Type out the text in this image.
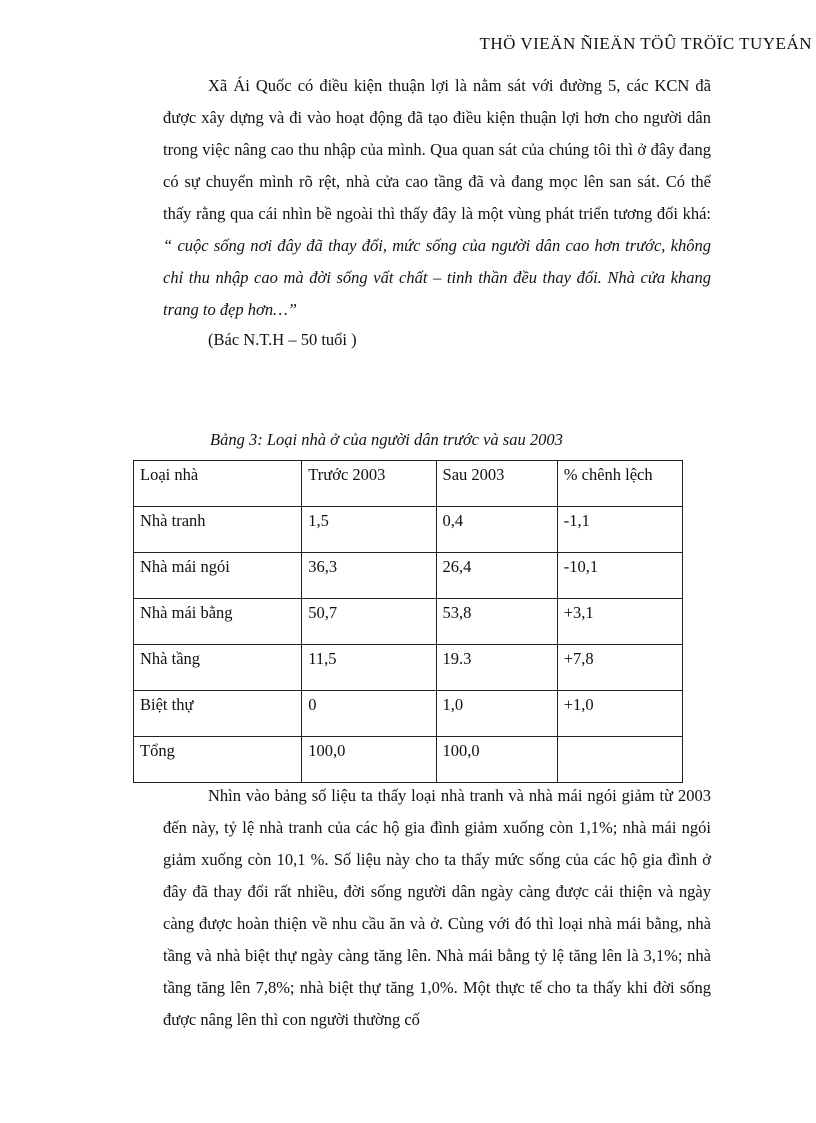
THÖ VIEÄN ÑIEÄN TÖÛ TRÖÏC TUYEÁN

Xã Ái Quốc có điều kiện thuận lợi là nằm sát với đường 5, các KCN đã được xây dựng và đi vào hoạt động đã tạo điều kiện thuận lợi hơn cho người dân trong việc nâng cao thu nhập của mình. Qua quan sát của chúng tôi thì ở đây đang có sự chuyển mình rõ rệt, nhà cửa cao tầng đã và đang mọc lên san sát. Có thể thấy rằng qua cái nhìn bề ngoài thì thấy đây là một vùng phát triển tương đối khá: “ cuộc sống nơi đây đã thay đổi, mức sống của người dân cao hơn trước, không chỉ thu nhập cao mà đời sống vất chất – tinh thần đều thay đổi. Nhà cửa khang trang to đẹp hơn…”

(Bác N.T.H – 50 tuổi )

Bảng 3: Loại nhà ở của người dân trước và sau 2003

Loại nhà	Trước 2003	Sau 2003	% chênh lệch
Nhà tranh	1,5	0,4	-1,1
Nhà mái ngói	36,3	26,4	-10,1
Nhà mái bằng	50,7	53,8	+3,1
Nhà tầng	11,5	19.3	+7,8
Biệt thự	0	1,0	+1,0
Tổng	100,0	100,0	

Nhìn vào bảng số liệu ta thấy loại nhà tranh và nhà mái ngói giảm từ 2003 đến này, tỷ lệ nhà tranh của các hộ gia đình giảm xuống còn 1,1%; nhà mái ngói giảm xuống còn 10,1 %. Số liệu này cho ta thấy mức sống của các hộ gia đình ở đây đã thay đổi rất nhiều, đời sống người dân ngày càng được cải thiện và ngày càng được hoàn thiện về nhu cầu ăn và ở. Cùng với đó thì loại nhà mái bằng, nhà tầng và nhà biệt thự ngày càng tăng lên. Nhà mái bằng tỷ lệ tăng lên là 3,1%; nhà tầng tăng lên 7,8%; nhà biệt thự tăng 1,0%. Một thực tế cho ta thấy khi đời sống được nâng lên thì con người thường cố
